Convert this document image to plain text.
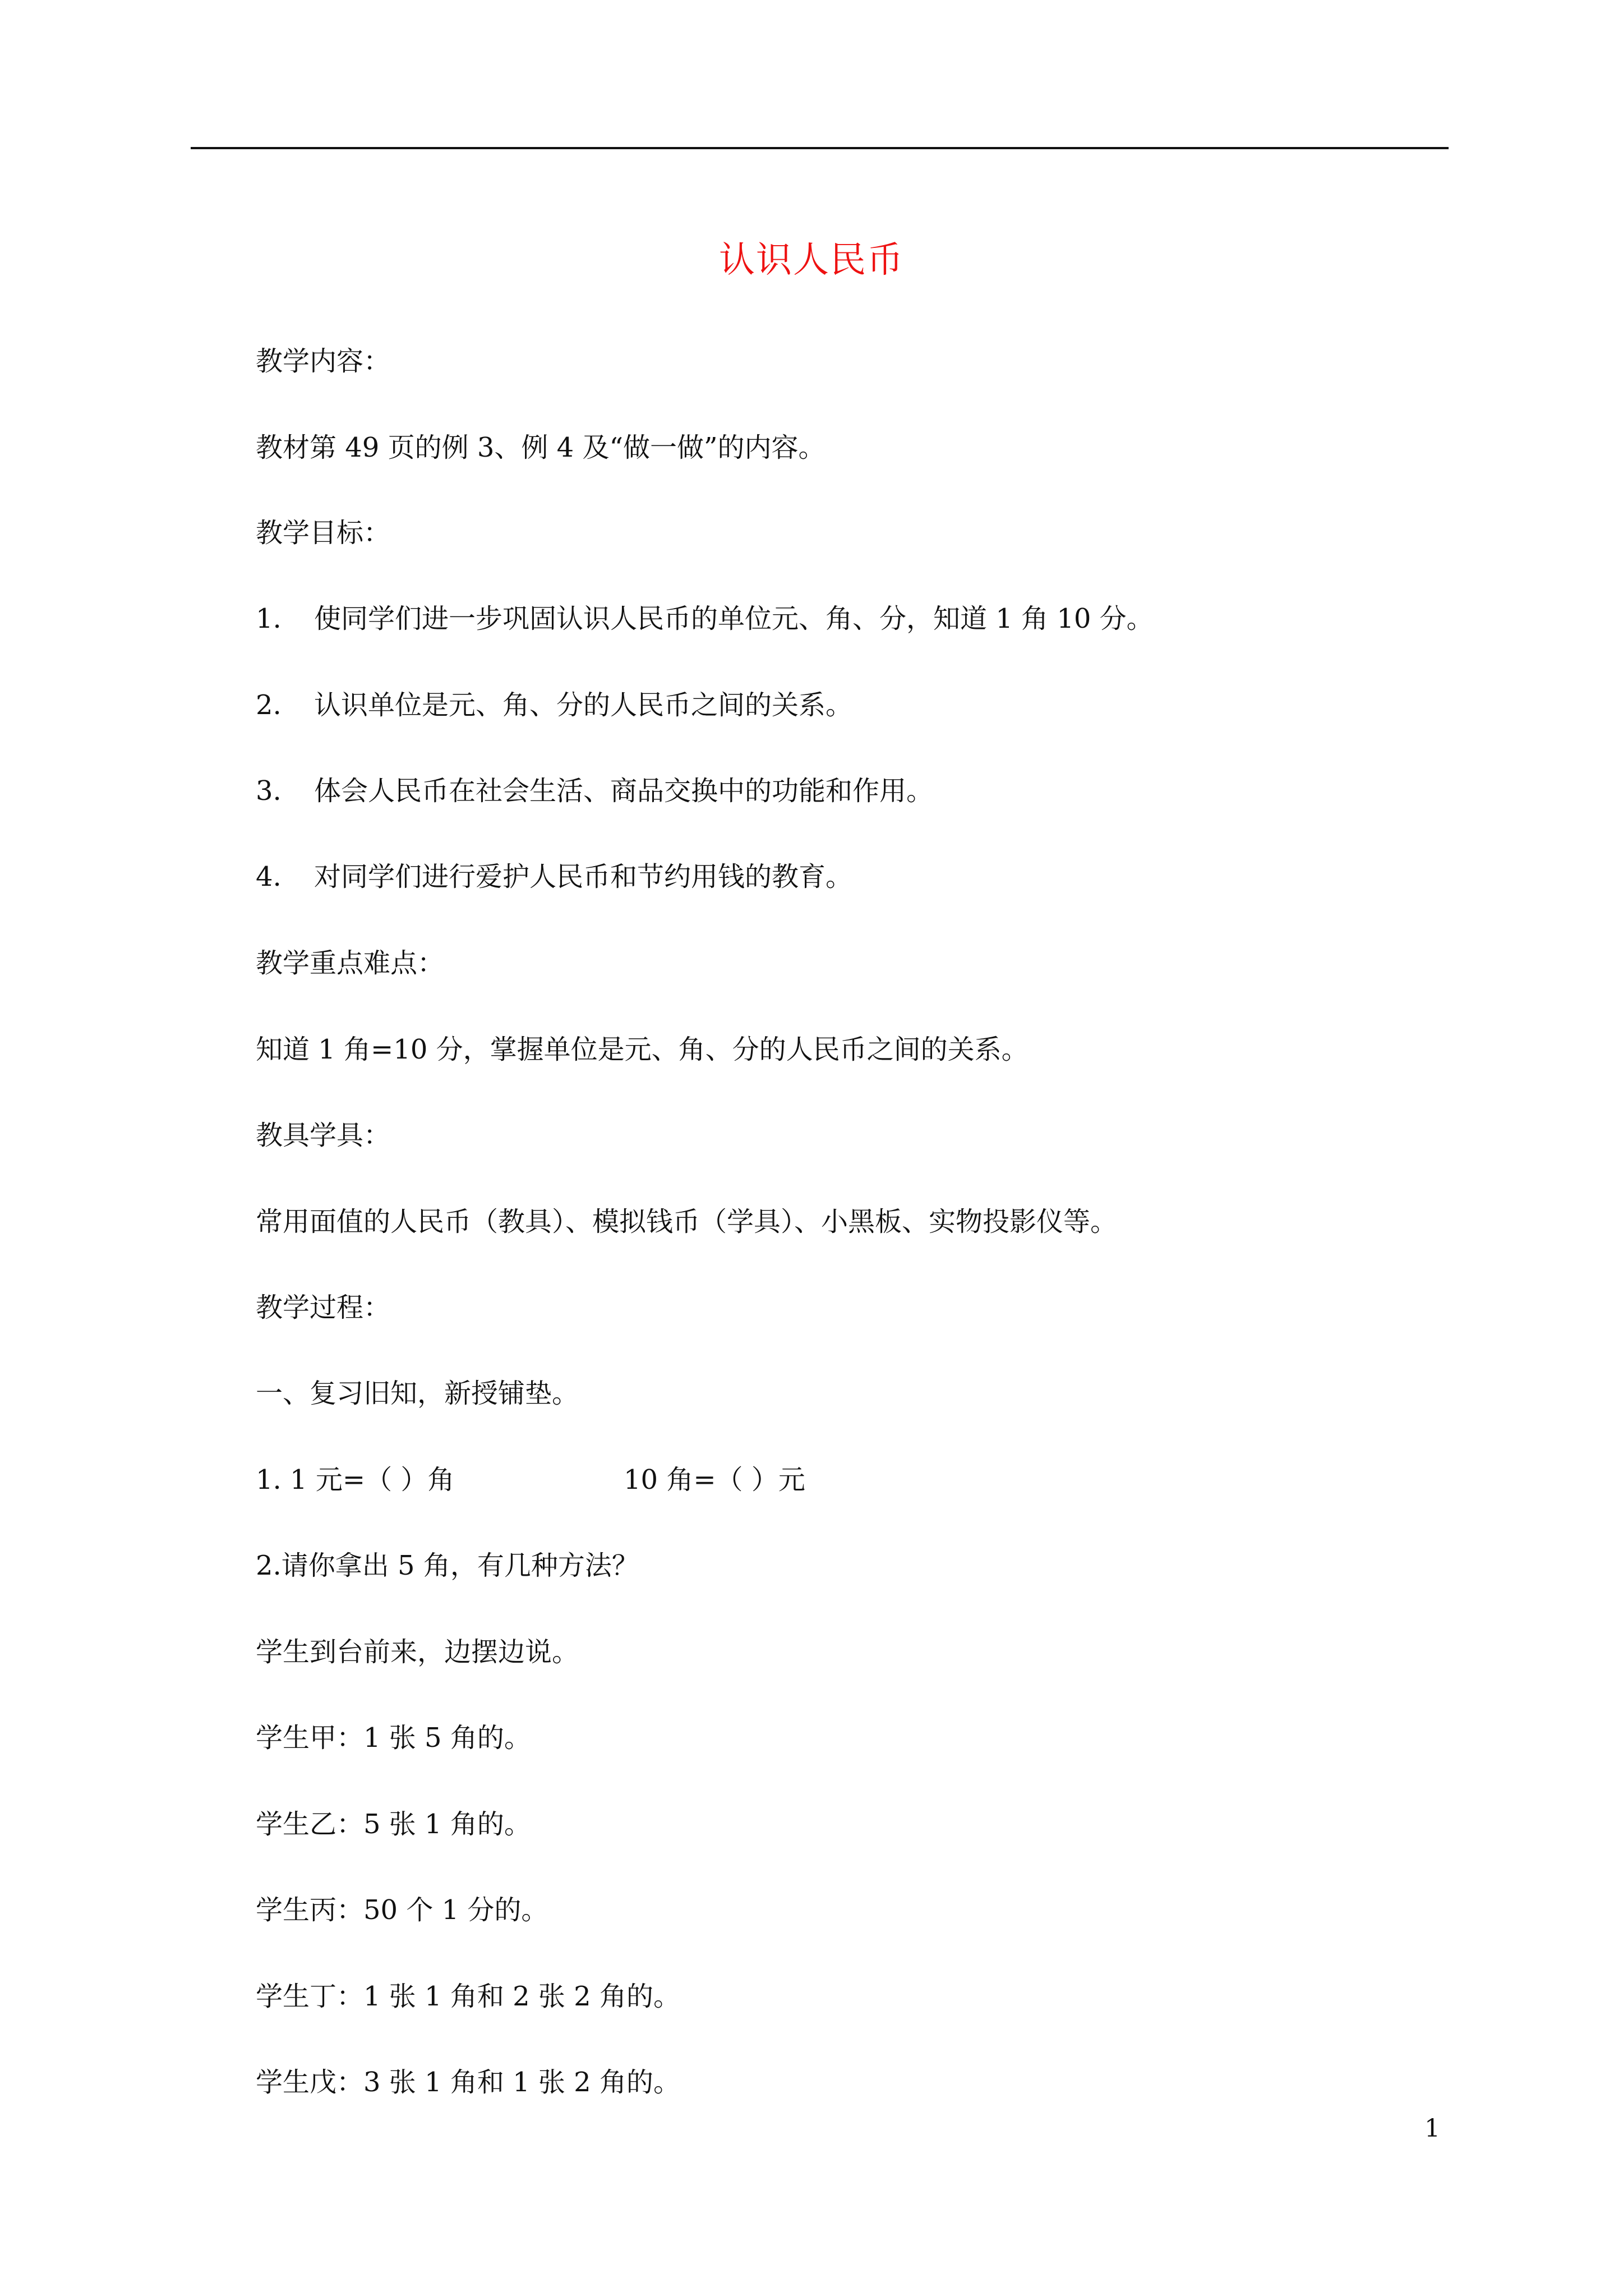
认识人民币

教学内容：

教材第 49 页的例 3、例 4 及“做一做”的内容。

教学目标：

1. 使同学们进一步巩固认识人民币的单位元、角、分，知道 1 角 10 分。

2. 认识单位是元、角、分的人民币之间的关系。

3. 体会人民币在社会生活、商品交换中的功能和作用。

4. 对同学们进行爱护人民币和节约用钱的教育。

教学重点难点：

知道 1 角=10 分，掌握单位是元、角、分的人民币之间的关系。

教具学具：

常用面值的人民币（教具）、模拟钱币（学具）、小黑板、实物投影仪等。

教学过程：

一、复习旧知，新授铺垫。

1. 1 元=（ ）角	10 角=（ ）元

2.请你拿出 5 角，有几种方法？

学生到台前来，边摆边说。

学生甲：1 张 5 角的。

学生乙：5 张 1 角的。

学生丙：50 个 1 分的。

学生丁：1 张 1 角和 2 张 2 角的。

学生戊：3 张 1 角和 1 张 2 角的。

1
